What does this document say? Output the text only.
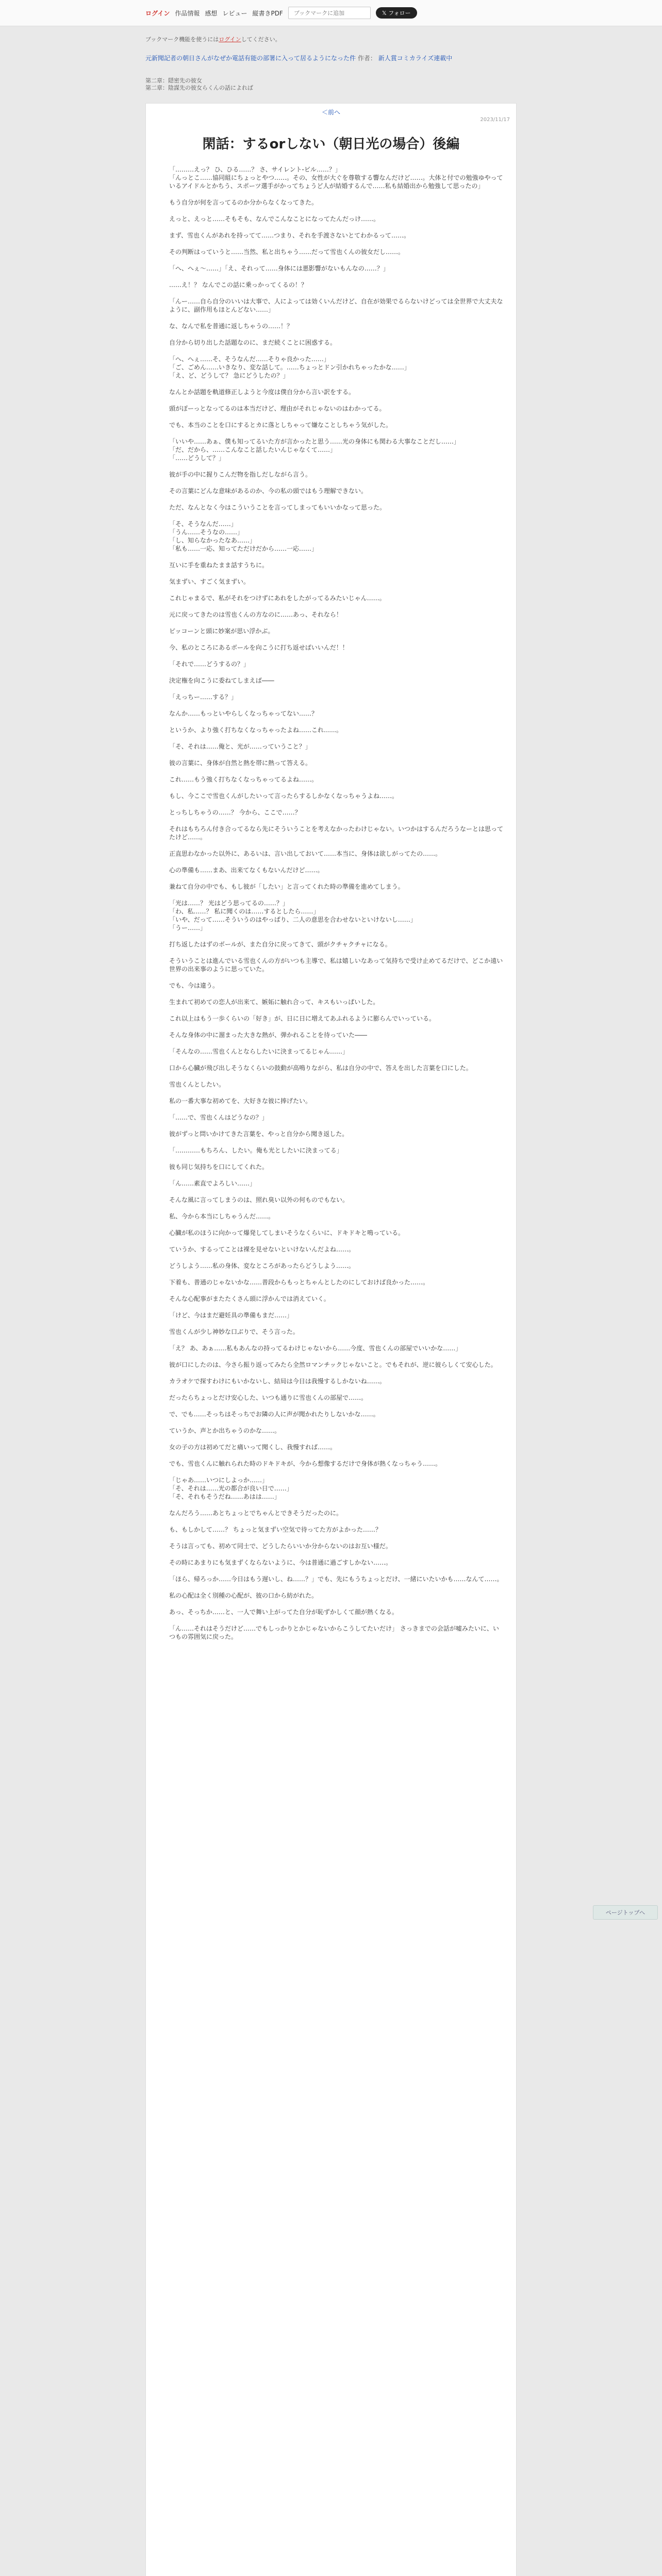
ログイン 作品情報 感想 レビュー 縦書きPDF
ブックマークに追加	𝕏 フォロー
ブックマーク機能を使うにはログインしてください。
元新聞記者の朝日さんがなぜか電話有能の部署に入って居るようになった件 作者： 新人賞コミカライズ連載中
第二章：隠密先の彼女
第二章：陰謀先の彼女らくんの話によれば
＜前へ
2023/11/17
閑話：するorしない（朝日光の場合）後編

「………えっ？ ひ、ひる……？ さ、サイレント-ビル……？」
「んっとこ……協同組にちょっとやつ……。その、女性が大ぐを尊敬する響なんだけど……。大体と付での勉強ゆやっているアイドルとかちう、スポーツ選手がかってちょうど人が結婚するんで……私も結婚出から勉強して思ったの」

もう自分が何を言ってるのか分からなくなってきた。

えっと、えっと……そもそも、なんでこんなことになってたんだっけ……。

まず、雪也くんがあれを持ってて……つまり、それを手渡さないとてわかるって……。

その判断はっていうと……当然、私と出ちゃう……だって雪也くんの彼女だし……。

「へ、へぇ～……」「え、それって……身体には悪影響がないもんなの……？」

……え！？ なんでこの話に乗っかってくるの！？

「んー……自ら自分のいいは大事で、人によっては効くいんだけど、自在が効果でるらないけどっては全世界で大丈夫なように、副作用もほとんどない……」

な、なんで私を普通に返しちゃうの……！？

自分から切り出した話題なのに、まだ続くことに困惑する。

「へ、へぇ……そ、そうなんだ……そりゃ良かった……」
「ご、ごめん……いきなり、変な話して。……ちょっとドン引かれちゃったかな……」
「え、ど、どうして？ 急にどうしたの？」

なんとか話題を軌道修正しようと今度は僕自分から言い訳をする。

頭がぽーっとなってるのは本当だけど、理由がそれじゃないのはわかってる。

でも、本当のことを口にするとカに落としちゃって嫌なことしちゃう気がした。

「いいや……あぁ、僕も知ってるいた方が言かったと思う……光の身体にも関わる大事なことだし……」
「だ、だから、……こんなこと話したいんじゃなくて……」
「……どうして？」

彼が手の中に握りこんだ物を指しだしながら言う。

その言葉にどんな意味があるのか、今の私の頭ではもう理解できない。

ただ、なんとなく今はこういうことを言ってしまってもいいかなって思った。

「そ、そうなんだ……」
「うん……そうなの……」
「し、知らなかったなあ……」
「私も……一応、知ってただけだから……一応……」

互いに手を重ねたまま話すうちに。

気まずい、すごく気まずい。

これじゃまるで、私がそれをつけずにあれをしたがってるみたいじゃん……。

元に戻ってきたのは雪也くんの方なのに……あっ、それなら！

ピッコーンと頭に妙案が思い浮かぶ。

今、私のところにあるボールを向こうに打ち返せばいいんだ！！

「それで……どうするの？」

決定権を向こうに委ねてしまえば――

「えっちー……する？」

なんか……もっといやらしくなっちゃってない……？

というか、より強く打ちなくなっちゃったよね……これ……。

「そ、それは……俺と、光が……っていうこと？」

彼の言葉に、身体が自然と熱を帯に熱って答える。

これ……もう強く打ちなくなっちゃってるよね……。

もし、今ここで雪也くんがしたいって言ったらするしかなくなっちゃうよね……。

とっちしちゃうの……？ 今から、ここで……？

それはもちろん付き合ってるなら先にそういうことを考えなかったわけじゃない。いつかはするんだろうなーとは思ってたけど……。

正直思わなかった以外に、あるいは、言い出しておいて……本当に、身体は欲しがってたの……。

心の準備も……まあ、出来てなくもないんだけど……。

兼ねて自分の中でも、もし彼が「したい」と言ってくれた時の準備を進めてしまう。

「光は……？ 光はどう思ってるの……？」
「わ、私……？ 私に聞くのは……するとしたら……」
「いや、だって……そういうのはやっぱり、二人の意思を合わせないといけないし……」
「うー……」

打ち返したはずのボールが、また自分に戻ってきて、頭がクチャクチャになる。

そういうことは進んでいる雪也くんの方がいつも主導で、私は嬉しいなあって気持ちで受け止めてるだけで、どこか遠い世界の出来事のように思っていた。

でも、今は違う。

生まれて初めての恋人が出来て、嫉妬に触れ合って、キスもいっぱいした。

これ以上はもう一歩くらいの「好き」が、日に日に増えてあふれるように膨らんでいっている。

そんな身体の中に溜まった大きな熱が、弾かれることを待っていた――

「そんなの……雪也くんとならしたいに決まってるじゃん……」

口から心臓が飛び出しそうなくらいの鼓動が高鳴りながら、私は自分の中で、答えを出した言葉を口にした。

雪也くんとしたい。

私の一番大事な初めてを、大好きな彼に捧げたい。

「……で、雪也くんはどうなの？」

彼がずっと問いかけてきた言葉を、やっと自分から聞き返した。

「…………もちろん、したい。俺も光としたいに決まってる」

彼も同じ気持ちを口にしてくれた。

「ん……素直でよろしい……」

そんな風に言ってしまうのは、照れ臭い以外の何ものでもない。

私、今から本当にしちゃうんだ……。

心臓が私のほうに向かって爆発してしまいそうなくらいに、ドキドキと鳴っている。

ていうか、するってことは裸を見せないといけないんだよね……。

どうしよう……私の身体、変なところがあったらどうしよう……。

下着も、普通のじゃないかな……普段からもっとちゃんとしたのにしておけば良かった……。

そんな心配事がまたたくさん頭に浮かんでは消えていく。

「けど、今はまだ避妊具の準備もまだ……」

雪也くんが少し神妙な口ぶりで、そう言った。

「え？ あ、あぁ……私もあんなの持ってるわけじゃないから……今度、雪也くんの部屋でいいかな……」

彼が口にしたのは、今さら振り返ってみたら全然ロマンチックじゃないこと。でもそれが、逆に彼らしくて安心した。

カラオケで探すわけにもいかないし、結局は今日は我慢するしかないね……。

だったらちょっとだけ安心した、いつも通りに雪也くんの部屋で……。

で、でも……そっちはそっちでお隣の人に声が聞かれたりしないかな……。

ていうか、声とか出ちゃうのかな……。

女の子の方は初めてだと痛いって聞くし、我慢すれば……。

でも、雪也くんに触れられた時のドキドキが、今から想像するだけで身体が熱くなっちゃう……。

「じゃあ……いつにしよっか……」
「そ、それは……光の都合が良い日で……」
「そ、それもそうだね……あはは……」

なんだろう……あとちょっとでちゃんとできそうだったのに。

も、もしかして……？ ちょっと気まずい空気で待ってた方がよかった……？

そうは言っても、初めて同士で、どうしたらいいか分からないのはお互い様だ。

その時にあまりにも気まずくならないように、今は普通に過ごすしかない……。

「ほら、帰ろっか……今日はもう遅いし、ね……？」でも、先にもうちょっとだけ、一緒にいたいかも……なんて……。

私の心配は全く別種の心配が、彼の口から紡がれた。

あっ、そっちか……と、一人で舞い上がってた自分が恥ずかしくて顔が熱くなる。

「ん……それはそうだけど……でもしっかりとかじゃないからこうしてたいだけ」 さっきまでの会話が嘘みたいに、いつもの雰囲気に戻った。

ページトップへ
